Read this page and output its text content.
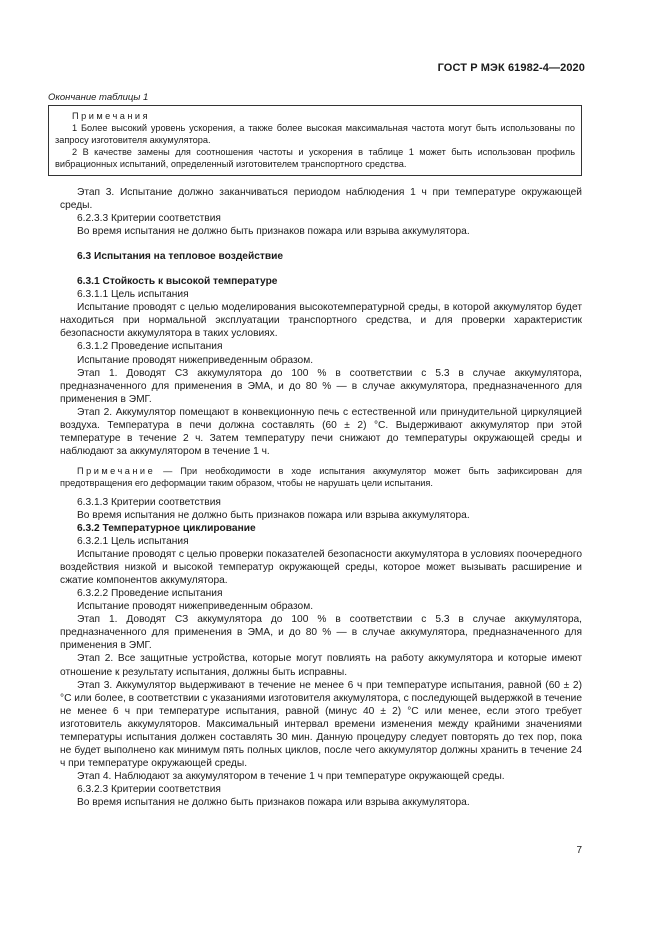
ГОСТ Р МЭК 61982-4—2020
Окончание таблицы 1
Примечания
1 Более высокий уровень ускорения, а также более высокая максимальная частота могут быть использованы по запросу изготовителя аккумулятора.
2 В качестве замены для соотношения частоты и ускорения в таблице 1 может быть использован профиль вибрационных испытаний, определенный изготовителем транспортного средства.

Этап 3. Испытание должно заканчиваться периодом наблюдения 1 ч при температуре окружающей среды.

6.2.3.3 Критерии соответствия

Во время испытания не должно быть признаков пожара или взрыва аккумулятора.

6.3 Испытания на тепловое воздействие

6.3.1 Стойкость к высокой температуре

6.3.1.1 Цель испытания

Испытание проводят с целью моделирования высокотемпературной среды, в которой аккумулятор будет находиться при нормальной эксплуатации транспортного средства, и для проверки характеристик безопасности аккумулятора в таких условиях.

6.3.1.2 Проведение испытания

Испытание проводят нижеприведенным образом.

Этап 1. Доводят СЗ аккумулятора до 100 % в соответствии с 5.3 в случае аккумулятора, предназначенного для применения в ЭМА, и до 80 % — в случае аккумулятора, предназначенного для применения в ЭМГ.

Этап 2. Аккумулятор помещают в конвекционную печь с естественной или принудительной циркуляцией воздуха. Температура в печи должна составлять (60 ± 2) °С. Выдерживают аккумулятор при этой температуре в течение 2 ч. Затем температуру печи снижают до температуры окружающей среды и наблюдают за аккумулятором в течение 1 ч.

Примечание — При необходимости в ходе испытания аккумулятор может быть зафиксирован для предотвращения его деформации таким образом, чтобы не нарушать цели испытания.

6.3.1.3 Критерии соответствия

Во время испытания не должно быть признаков пожара или взрыва аккумулятора.

6.3.2 Температурное циклирование

6.3.2.1 Цель испытания

Испытание проводят с целью проверки показателей безопасности аккумулятора в условиях поочередного воздействия низкой и высокой температур окружающей среды, которое может вызывать расширение и сжатие компонентов аккумулятора.

6.3.2.2 Проведение испытания

Испытание проводят нижеприведенным образом.

Этап 1. Доводят СЗ аккумулятора до 100 % в соответствии с 5.3 в случае аккумулятора, предназначенного для применения в ЭМА, и до 80 % — в случае аккумулятора, предназначенного для применения в ЭМГ.

Этап 2. Все защитные устройства, которые могут повлиять на работу аккумулятора и которые имеют отношение к результату испытания, должны быть исправны.

Этап 3. Аккумулятор выдерживают в течение не менее 6 ч при температуре испытания, равной (60 ± 2) °С или более, в соответствии с указаниями изготовителя аккумулятора, с последующей выдержкой в течение не менее 6 ч при температуре испытания, равной (минус 40 ± 2) °С или менее, если этого требует изготовитель аккумуляторов. Максимальный интервал времени изменения между крайними значениями температуры испытания должен составлять 30 мин. Данную процедуру следует повторять до тех пор, пока не будет выполнено как минимум пять полных циклов, после чего аккумулятор должны хранить в течение 24 ч при температуре окружающей среды.

Этап 4. Наблюдают за аккумулятором в течение 1 ч при температуре окружающей среды.

6.3.2.3 Критерии соответствия

Во время испытания не должно быть признаков пожара или взрыва аккумулятора.

7
